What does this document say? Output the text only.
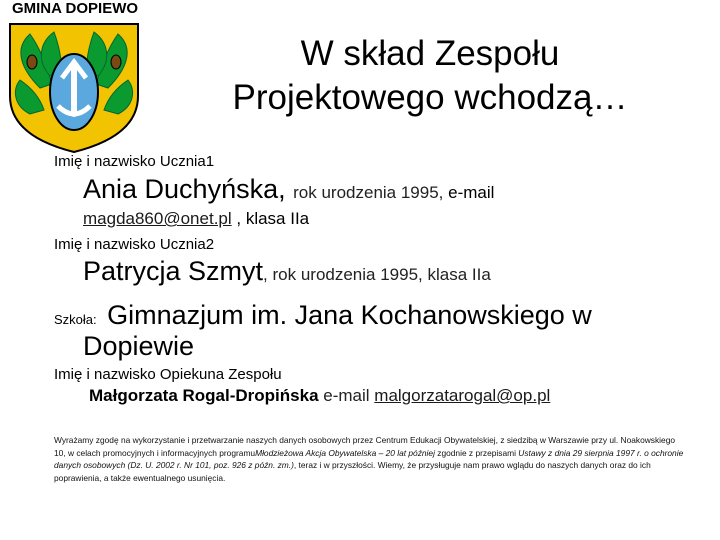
GMINA DOPIEWO
W skład Zespołu
Projektowego wchodzą…
Imię i nazwisko Ucznia1
Ania Duchyńska, rok urodzenia 1995, e-mail
magda860@onet.pl , klasa IIa
Imię i nazwisko Ucznia2
Patrycja Szmyt, rok urodzenia 1995, klasa IIa
Szkoła: Gimnazjum im. Jana Kochanowskiego w
Dopiewie
Imię i nazwisko Opiekuna Zespołu
Małgorzata Rogal-Dropińska e-mail malgorzatarogal@op.pl
Wyrażamy zgodę na wykorzystanie i przetwarzanie naszych danych osobowych przez Centrum Edukacji Obywatelskiej, z siedzibą w Warszawie przy ul. Noakowskiego 10, w celach promocyjnych i informacyjnych programuMłodzieżowa Akcja Obywatelska – 20 lat później zgodnie z przepisami Ustawy z dnia 29 sierpnia 1997 r. o ochronie danych osobowych (Dz. U. 2002 r. Nr 101, poz. 926 z późn. zm.), teraz i w przyszłości. Wiemy, że przysługuje nam prawo wglądu do naszych danych oraz do ich poprawienia, a także ewentualnego usunięcia.
